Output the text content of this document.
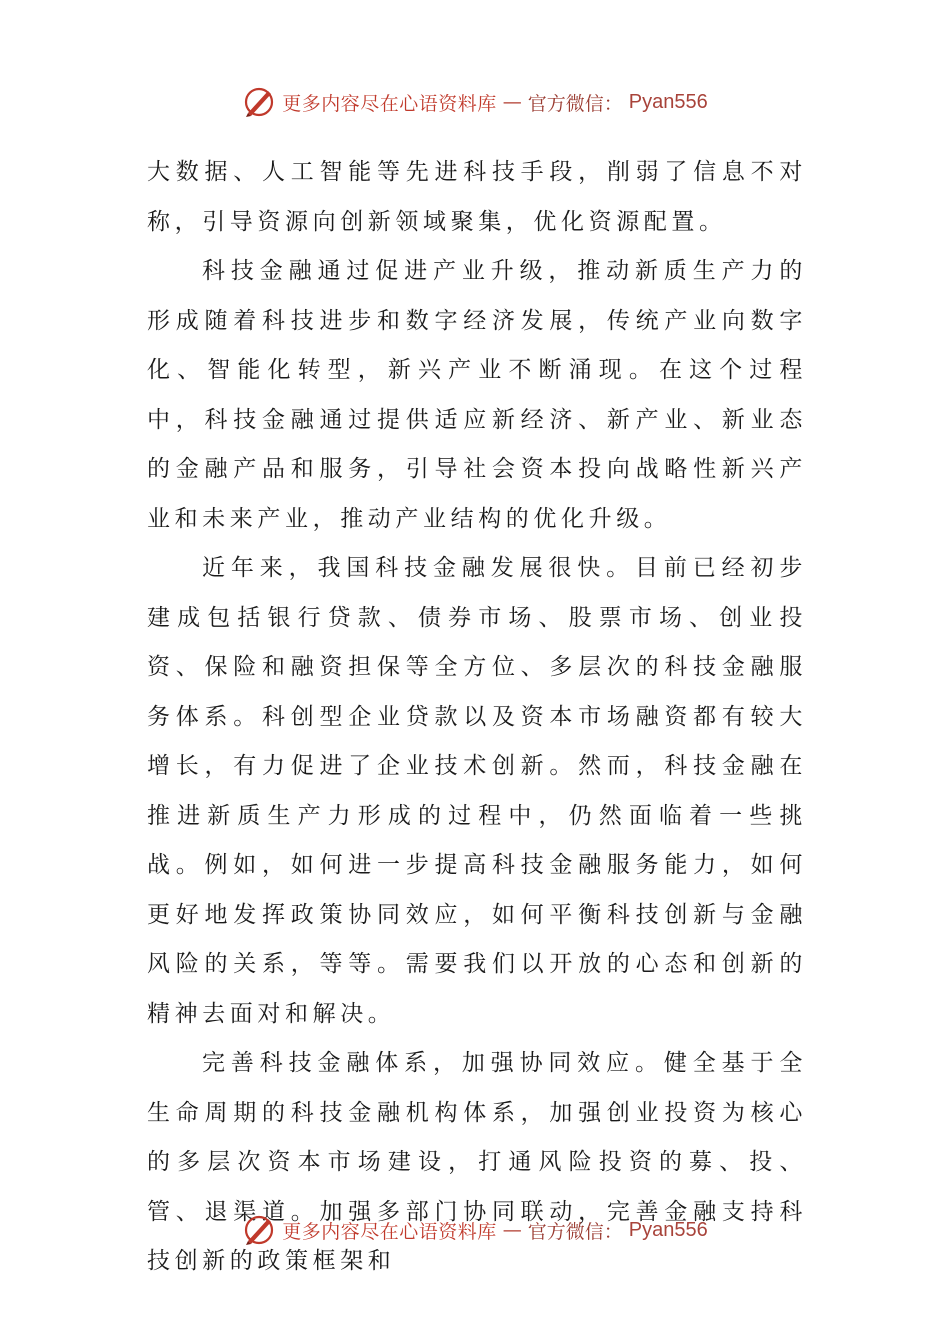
更多内容尽在心语资料库 — 官方微信： Pyan556

大数据、人工智能等先进科技手段，削弱了信息不对称，引导资源向创新领域聚集，优化资源配置。

科技金融通过促进产业升级，推动新质生产力的形成随着科技进步和数字经济发展，传统产业向数字化、智能化转型，新兴产业不断涌现。在这个过程中，科技金融通过提供适应新经济、新产业、新业态的金融产品和服务，引导社会资本投向战略性新兴产业和未来产业，推动产业结构的优化升级。

近年来，我国科技金融发展很快。目前已经初步建成包括银行贷款、债券市场、股票市场、创业投资、保险和融资担保等全方位、多层次的科技金融服务体系。科创型企业贷款以及资本市场融资都有较大增长，有力促进了企业技术创新。然而，科技金融在推进新质生产力形成的过程中，仍然面临着一些挑战。例如，如何进一步提高科技金融服务能力，如何更好地发挥政策协同效应，如何平衡科技创新与金融风险的关系，等等。需要我们以开放的心态和创新的精神去面对和解决。

完善科技金融体系，加强协同效应。健全基于全生命周期的科技金融机构体系，加强创业投资为核心的多层次资本市场建设，打通风险投资的募、投、管、退渠道。加强多部门协同联动，完善金融支持科技创新的政策框架和

更多内容尽在心语资料库 — 官方微信： Pyan556
